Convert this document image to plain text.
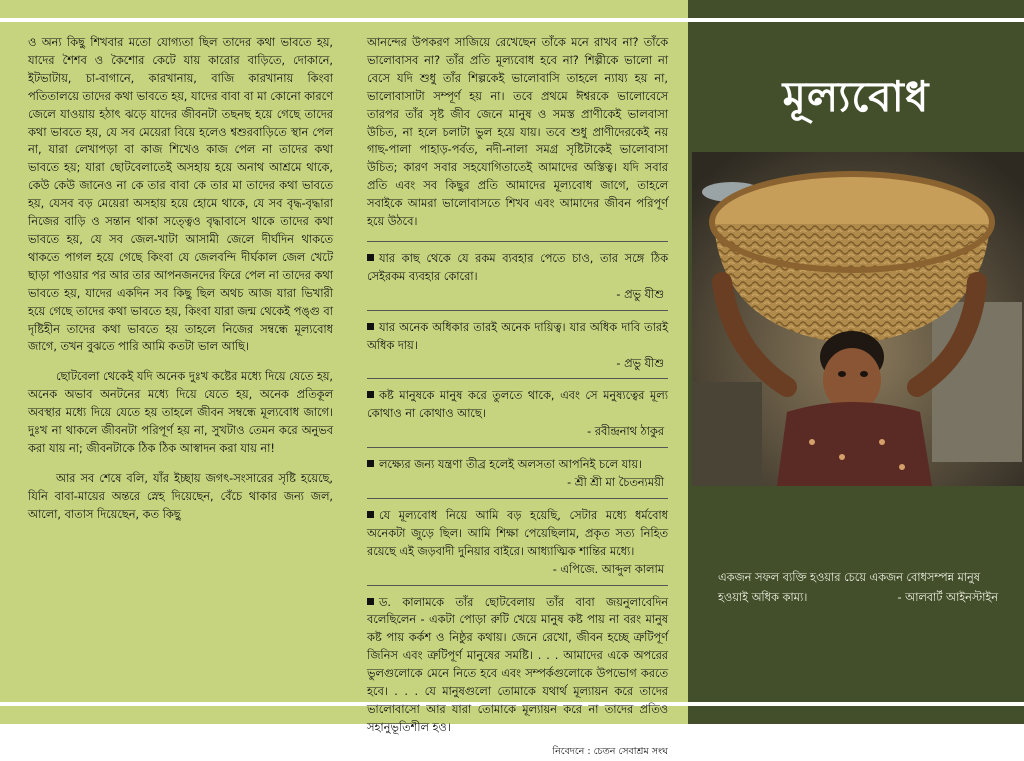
ও অন্য কিছু শিখবার মতো যোগ্যতা ছিল তাদের কথা ভাবতে হয়, যাদের শৈশব ও কৈশোর কেটে যায় কারোর বাড়িতে, দোকানে, ইটভাটায়, চা-বাগানে, কারখানায়, বাজি কারখানায় কিংবা পতিতালয়ে তাদের কথা ভাবতে হয়, যাদের বাবা বা মা কোনো কারণে জেলে যাওয়ায় হঠাৎ ঝড়ে যাদের জীবনটা তছনছ হয়ে গেছে তাদের কথা ভাবতে হয়, যে সব মেয়েরা বিয়ে হলেও শ্বশুরবাড়িতে স্থান পেল না, যারা লেখাপড়া বা কাজ শিখেও কাজ পেল না তাদের কথা ভাবতে হয়; যারা ছোটবেলাতেই অসহায় হয়ে অনাথ আশ্রমে থাকে, কেউ কেউ জানেও না কে তার বাবা কে তার মা তাদের কথা ভাবতে হয়, যেসব বড় মেয়েরা অসহায় হয়ে হোমে থাকে, যে সব বৃদ্ধ-বৃদ্ধারা নিজের বাড়ি ও সন্তান থাকা সত্ত্বেও বৃদ্ধাবাসে থাকে তাদের কথা ভাবতে হয়, যে সব জেল-খাটা আসামী জেলে দীর্ঘদিন থাকতে থাকতে পাগল হয়ে গেছে কিংবা যে জেলবন্দি দীর্ঘকাল জেল খেটে ছাড়া পাওয়ার পর আর তার আপনজনদের ফিরে পেল না তাদের কথা ভাবতে হয়, যাদের একদিন সব কিছু ছিল অথচ আজ যারা ভিখারী হয়ে গেছে তাদের কথা ভাবতে হয়, কিংবা যারা জন্ম থেকেই পঙ্গু বা দৃষ্টিহীন তাদের কথা ভাবতে হয় তাহলে নিজের সম্বন্ধে মূল্যবোধ জাগে, তখন বুঝতে পারি আমি কতটা ভাল আছি।

ছোটবেলা থেকেই যদি অনেক দুঃখ কষ্টের মধ্যে দিয়ে যেতে হয়, অনেক অভাব অনটনের মধ্যে দিয়ে যেতে হয়, অনেক প্রতিকূল অবস্থার মধ্যে দিয়ে যেতে হয় তাহলে জীবন সম্বন্ধে মূল্যবোধ জাগে। দুঃখ না থাকলে জীবনটা পরিপূর্ণ হয় না, সুখটাও তেমন করে অনুভব করা যায় না; জীবনটাকে ঠিক ঠিক আস্বাদন করা যায় না!

আর সব শেষে বলি, যাঁর ইচ্ছায় জগৎ-সংসারের সৃষ্টি হয়েছে, যিনি বাবা-মায়ের অন্তরে স্নেহ দিয়েছেন, বেঁচে থাকার জন্য জল, আলো, বাতাস দিয়েছেন, কত কিছু

আনন্দের উপকরণ সাজিয়ে রেখেছেন তাঁকে মনে রাখব না? তাঁকে ভালোবাসব না? তাঁর প্রতি মূল্যবোধ হবে না? শিল্পীকে ভালো না বেসে যদি শুধু তাঁর শিল্পকেই ভালোবাসি তাহলে ন্যায্য হয় না, ভালোবাসাটা সম্পূর্ণ হয় না। তবে প্রথমে ঈশ্বরকে ভালোবেসে তারপর তাঁর সৃষ্ট জীব জেনে মানুষ ও সমস্ত প্রাণীকেই ভালবাসা উচিত, না হলে চলাটা ভুল হয়ে যায়। তবে শুধু প্রাণীদেরকেই নয় গাছ-পালা পাহাড়-পর্বত, নদী-নালা সমগ্র সৃষ্টিটাকেই ভালোবাসা উচিত; কারণ সবার সহযোগিতাতেই আমাদের অস্তিত্ব। যদি সবার প্রতি এবং সব কিছুর প্রতি আমাদের মূল্যবোধ জাগে, তাহলে সবাইকে আমরা ভালোবাসতে শিখব এবং আমাদের জীবন পরিপূর্ণ হয়ে উঠবে।

যার কাছ থেকে যে রকম ব্যবহার পেতে চাও, তার সঙ্গে ঠিক সেইরকম ব্যবহার কোরো।
- প্রভু যীশু
যার অনেক অধিকার তারই অনেক দায়িত্ব। যার অধিক দাবি তারই অধিক দায়।
- প্রভু যীশু
কষ্ট মানুষকে মানুষ করে তুলতে থাকে, এবং সে মনুষ্যত্বের মূল্য কোথাও না কোথাও আছে।
- রবীন্দ্রনাথ ঠাকুর
লক্ষ্যের জন্য যন্ত্রণা তীব্র হলেই অলসতা আপনিই চলে যায়।
- শ্রী শ্রী মা চৈতন্যময়ী
যে মূল্যবোধ নিয়ে আমি বড় হয়েছি, সেটার মধ্যে ধর্মবোধ অনেকটা জুড়ে ছিল। আমি শিক্ষা পেয়েছিলাম, প্রকৃত সত্য নিহিত রয়েছে এই জড়বাদী দুনিয়ার বাইরে। আধ্যাত্মিক শান্তির মধ্যে।
- এপিজে. আব্দুল কালাম
ড. কালামকে তাঁর ছোটবেলায় তাঁর বাবা জয়নুলাবেদিন বলেছিলেন - একটা পোড়া রুটি খেয়ে মানুষ কষ্ট পায় না বরং মানুষ কষ্ট পায় কর্কশ ও নিষ্ঠুর কথায়। জেনে রেখো, জীবন হচ্ছে ত্রুটিপূর্ণ জিনিস এবং ত্রুটিপূর্ণ মানুষের সমষ্টি। . . . আমাদের একে অপরের ভুলগুলোকে মেনে নিতে হবে এবং সম্পর্কগুলোকে উপভোগ করতে হবে। . . . যে মানুষগুলো তোমাকে যথার্থ মূল্যায়ন করে তাদের ভালোবাসো আর যারা তোমাকে মূল্যায়ন করে না তাদের প্রতিও সহানুভূতিশীল হও।
নিবেদনে : চেতন সেবাশ্রম সংঘ
মূল্যবোধ
একজন সফল ব্যক্তি হওয়ার চেয়ে একজন বোধসম্পন্ন মানুষ হওয়াই অধিক কাম্য।	- আলবার্ট আইনস্টাইন
